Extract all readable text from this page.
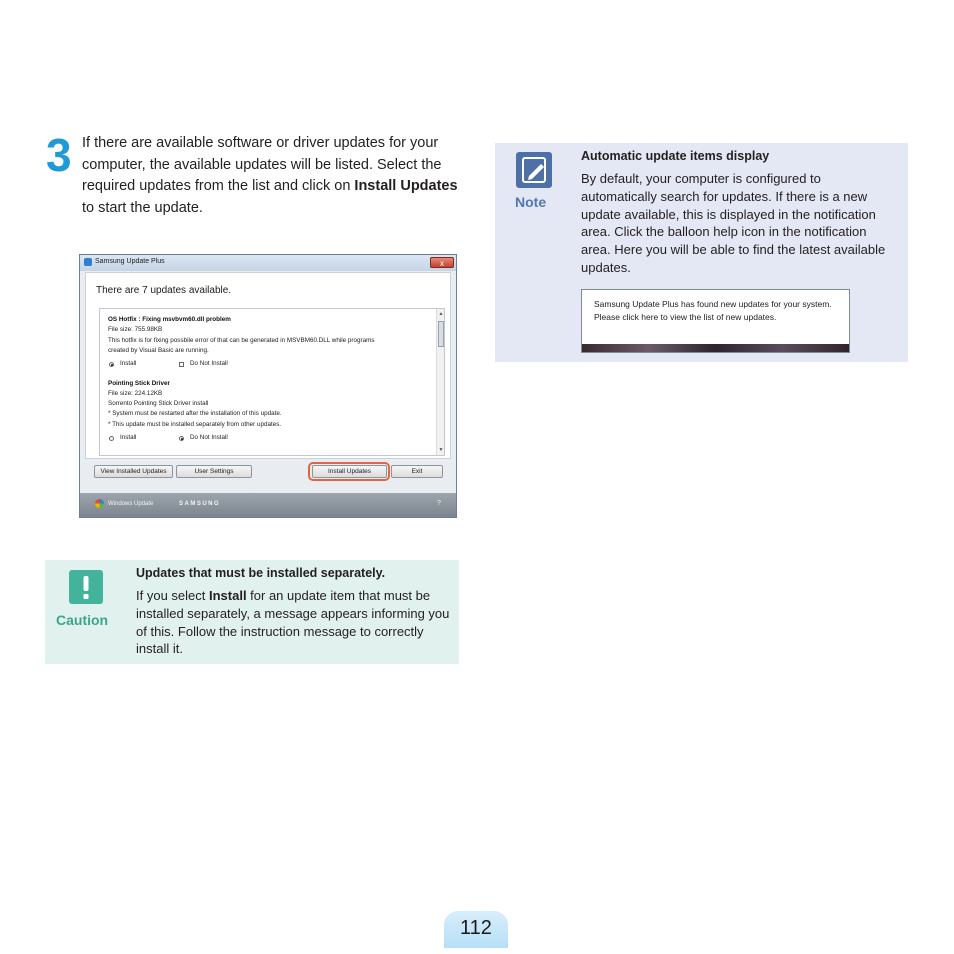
3 If there are available software or driver updates for your computer, the available updates will be listed. Select the required updates from the list and click on Install Updates to start the update.
Samsung Update Plus	x
There are 7 updates available.
OS Hotfix : Fixing msvbvm60.dll problem
File size: 755.98KB
This hotfix is for fixing possbile error of that can be generated in MSVBM60.DLL while programs
created by Visual Basic are running.
Install	Do Not Install
Pointing Stick Driver
File size: 224.12KB
Sorrento Pointing Stick Driver install
* System must be restarted after the installation of this update.
* This update must be installed separately from other updates.
Install	Do Not Install
▲
▼
View Installed Updates	User Settings	Install Updates	Exit
Windows Update	SAMSUNG	?
Note
Automatic update items display
By default, your computer is configured to automatically search for updates. If there is a new update available, this is displayed in the notification area. Click the balloon help icon in the notification area. Here you will be able to find the latest available updates.
Samsung Update Plus has found new updates for your system. Please click here to view the list of new updates.
Caution
Updates that must be installed separately.
If you select Install for an update item that must be installed separately, a message appears informing you of this. Follow the instruction message to correctly install it.
112
